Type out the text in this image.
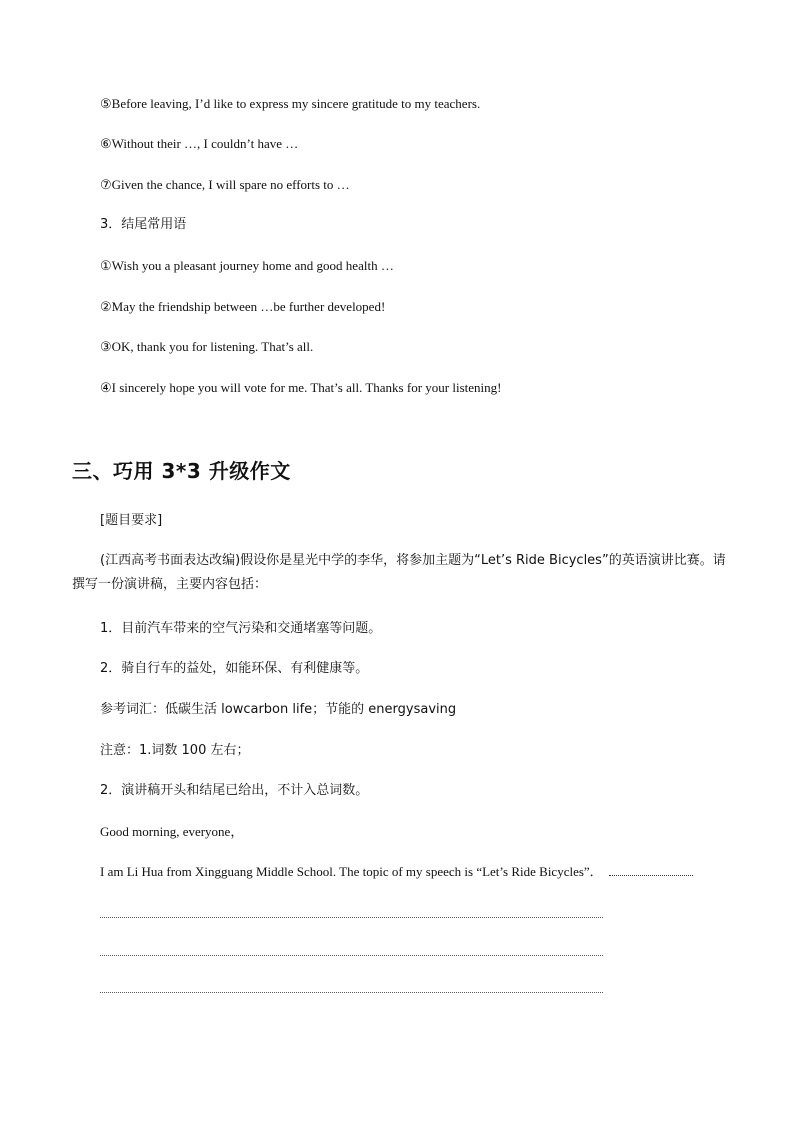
⑤Before leaving, I’d like to express my sincere gratitude to my teachers.
⑥Without their …, I couldn’t have …
⑦Given the chance, I will spare no efforts to …
3．结尾常用语
①Wish you a pleasant journey home and good health …
②May the friendship between …be further developed!
③OK, thank you for listening. That’s all.
④I sincerely hope you will vote for me. That’s all. Thanks for your listening!
三、巧用 3*3 升级作文
[题目要求]
(江西高考书面表达改编)假设你是星光中学的李华，将参加主题为“Let’s Ride Bicycles”的英语演讲比赛。请撰写一份演讲稿，主要内容包括：
1．目前汽车带来的空气污染和交通堵塞等问题。
2．骑自行车的益处，如能环保、有利健康等。
参考词汇：低碳生活 lowcarbon life；节能的 energysaving
注意：1.词数 100 左右；
2．演讲稿开头和结尾已给出，不计入总词数。
Good morning, everyone，
I am Li Hua from Xingguang Middle School. The topic of my speech is “Let’s Ride Bicycles”．
